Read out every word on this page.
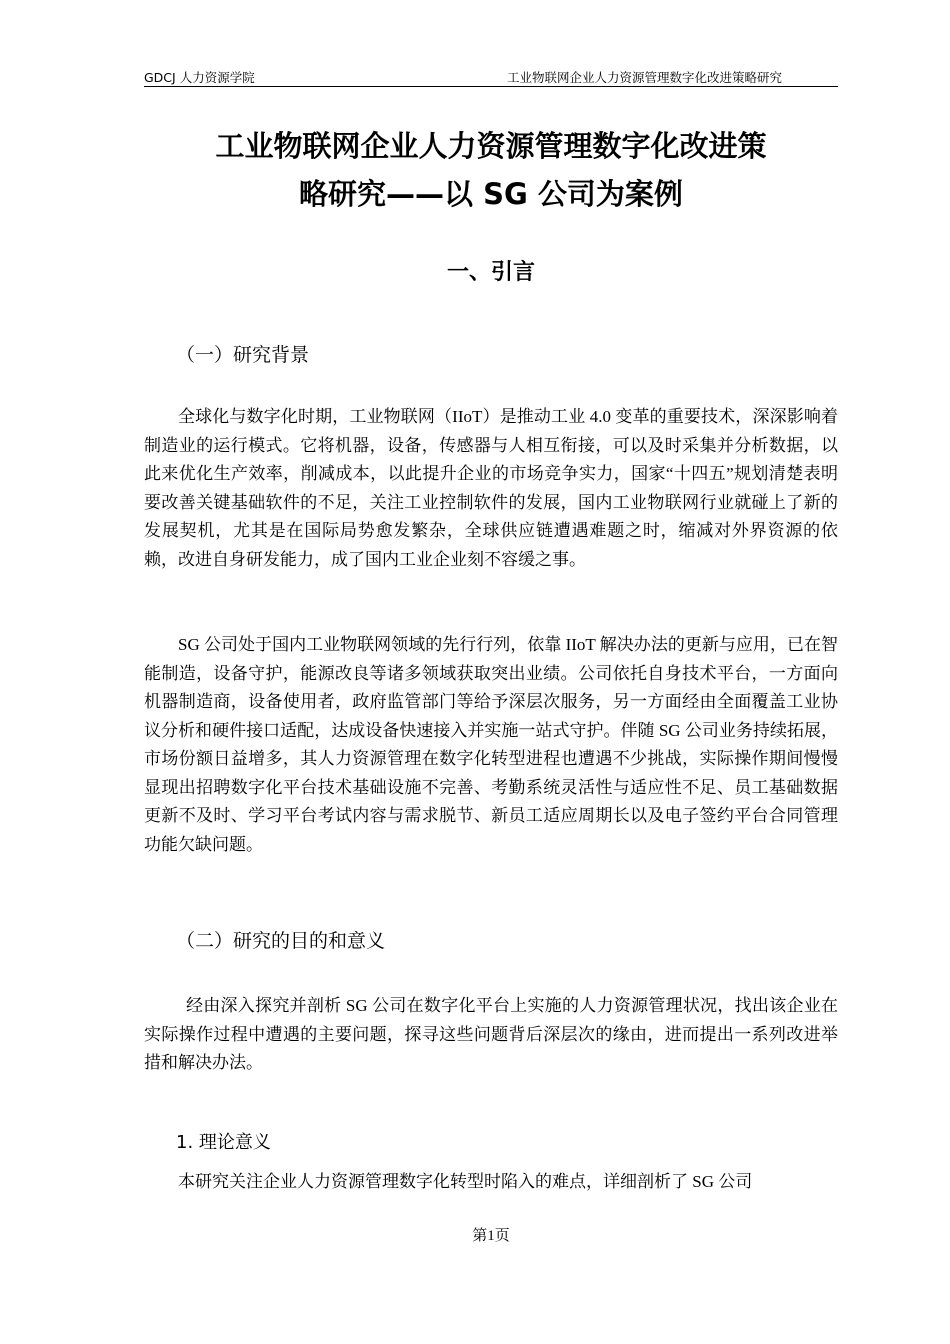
GDCJ 人力资源学院	工业物联网企业人力资源管理数字化改进策略研究
工业物联网企业人力资源管理数字化改进策
略研究——以 SG 公司为案例
一、引言
（一）研究背景

全球化与数字化时期，工业物联网（IIoT）是推动工业 4.0 变革的重要技术，深深影响着制造业的运行模式。它将机器，设备，传感器与人相互衔接，可以及时采集并分析数据，以此来优化生产效率，削减成本，以此提升企业的市场竞争实力，国家“十四五”规划清楚表明要改善关键基础软件的不足，关注工业控制软件的发展，国内工业物联网行业就碰上了新的发展契机，尤其是在国际局势愈发繁杂，全球供应链遭遇难题之时，缩减对外界资源的依赖，改进自身研发能力，成了国内工业企业刻不容缓之事。

SG 公司处于国内工业物联网领域的先行行列，依靠 IIoT 解决办法的更新与应用，已在智能制造，设备守护，能源改良等诸多领域获取突出业绩。公司依托自身技术平台，一方面向机器制造商，设备使用者，政府监管部门等给予深层次服务，另一方面经由全面覆盖工业协议分析和硬件接口适配，达成设备快速接入并实施一站式守护。伴随 SG 公司业务持续拓展，市场份额日益增多，其人力资源管理在数字化转型进程也遭遇不少挑战，实际操作期间慢慢显现出招聘数字化平台技术基础设施不完善、考勤系统灵活性与适应性不足、员工基础数据更新不及时、学习平台考试内容与需求脱节、新员工适应周期长以及电子签约平台合同管理功能欠缺问题。

（二）研究的目的和意义

经由深入探究并剖析 SG 公司在数字化平台上实施的人力资源管理状况，找出该企业在实际操作过程中遭遇的主要问题，探寻这些问题背后深层次的缘由，进而提出一系列改进举措和解决办法。

1. 理论意义

本研究关注企业人力资源管理数字化转型时陷入的难点，详细剖析了 SG 公司

第1页
